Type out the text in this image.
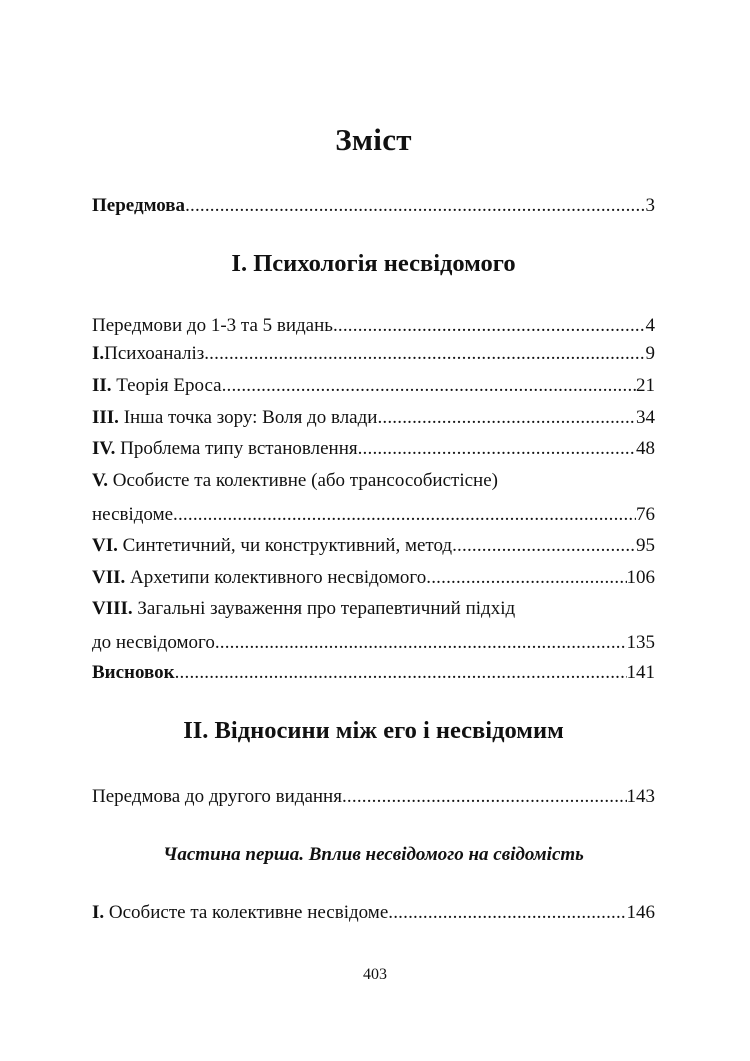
Зміст
Передмова .....	3
I. Психологія несвідомого
Передмови до 1-3 та 5 видань .....	4
I.Психоаналіз .....	9
II. Теорія Ероса .....	21
III. Інша точка зору: Воля до влади .....	34
IV. Проблема типу встановлення .....	48
V. Особисте та колективне (або трансособистісне)
несвідоме .....	76
VI. Синтетичний, чи конструктивний, метод .....	95
VII. Архетипи колективного несвідомого .....	106
VIII. Загальні зауваження про терапевтичний підхід
до несвідомого .....	135
Висновок .....	141
II. Відносини між его і несвідомим
Передмова до другого видання .....	143
Частина перша. Вплив несвідомого на свідомість
I. Особисте та колективне несвідоме .....	146
403
